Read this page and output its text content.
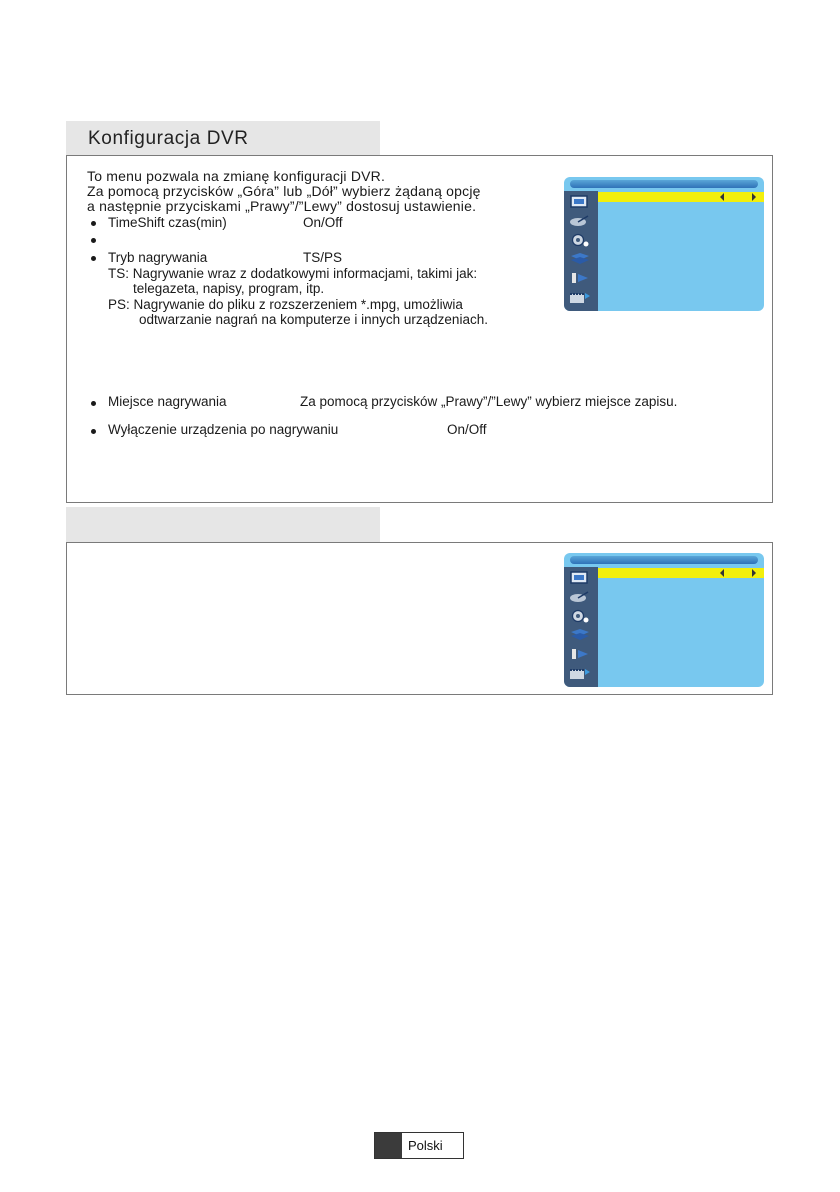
Konfiguracja DVR
To menu pozwala na zmianę konfiguracji DVR.
Za pomocą przycisków „Góra” lub „Dół” wybierz żądaną opcję
a następnie przyciskami „Prawy”/”Lewy” dostosuj ustawienie.
TimeShift czas(min)	On/Off
Tryb nagrywania	TS/PS
TS: Nagrywanie wraz z dodatkowymi informacjami, takimi jak:
telegazeta, napisy, program, itp.
PS: Nagrywanie do pliku z rozszerzeniem *.mpg, umożliwia
odtwarzanie nagrań na komputerze i innych urządzeniach.
Miejsce nagrywania	Za pomocą przycisków „Prawy”/”Lewy” wybierz miejsce zapisu.
Wyłączenie urządzenia po nagrywaniu	On/Off
Polski
